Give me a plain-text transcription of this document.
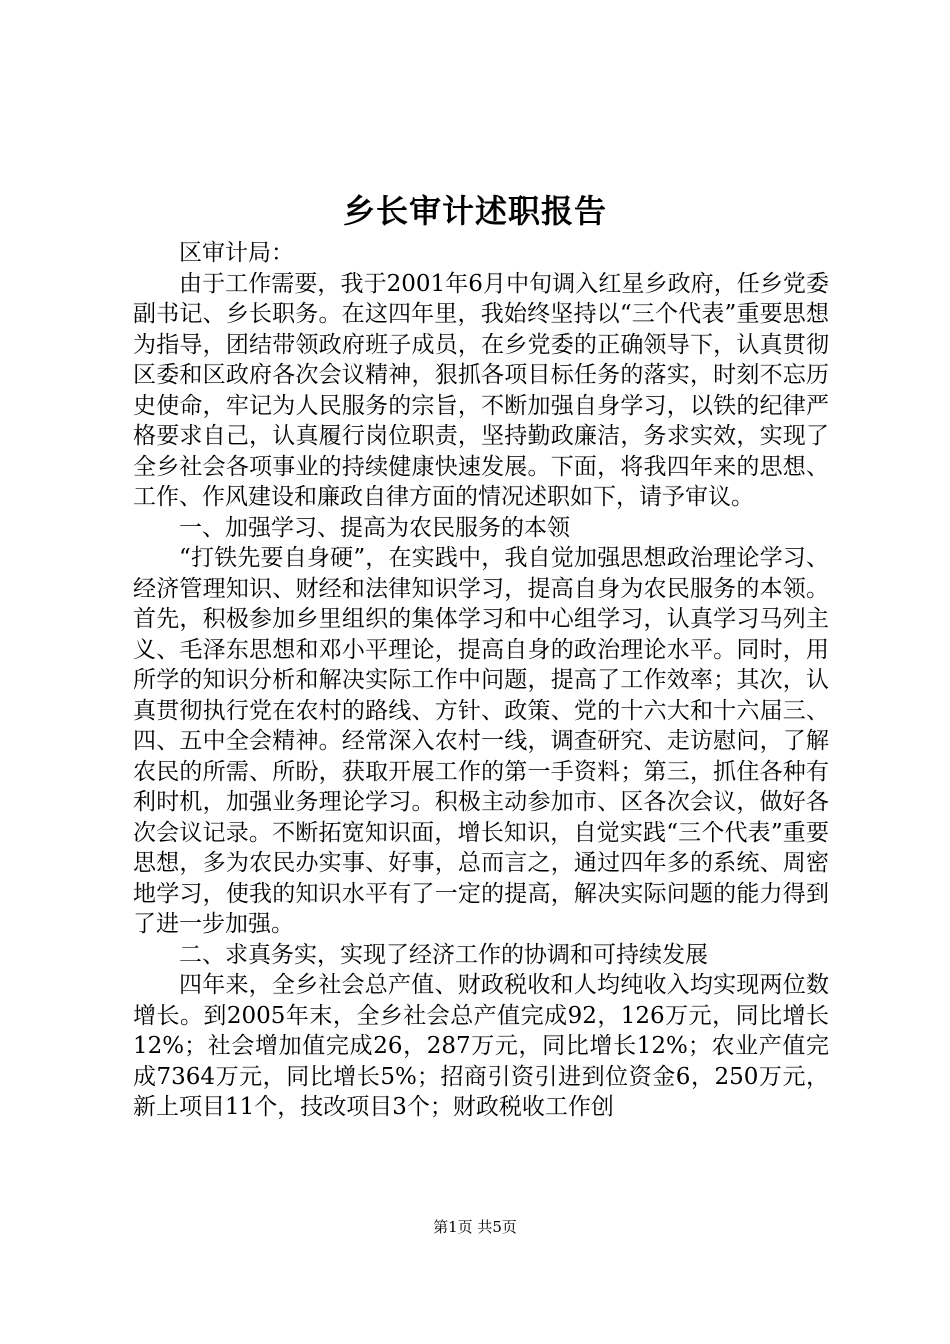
乡长审计述职报告

区审计局：

由于工作需要，我于2001年6月中旬调入红星乡政府，任乡党委副书记、乡长职务。在这四年里，我始终坚持以“三个代表”重要思想为指导，团结带领政府班子成员，在乡党委的正确领导下，认真贯彻区委和区政府各次会议精神，狠抓各项目标任务的落实，时刻不忘历史使命，牢记为人民服务的宗旨，不断加强自身学习，以铁的纪律严格要求自己，认真履行岗位职责，坚持勤政廉洁，务求实效，实现了全乡社会各项事业的持续健康快速发展。下面，将我四年来的思想、工作、作风建设和廉政自律方面的情况述职如下，请予审议。

一、加强学习、提高为农民服务的本领

“打铁先要自身硬”，在实践中，我自觉加强思想政治理论学习、经济管理知识、财经和法律知识学习，提高自身为农民服务的本领。首先，积极参加乡里组织的集体学习和中心组学习，认真学习马列主义、毛泽东思想和邓小平理论，提高自身的政治理论水平。同时，用所学的知识分析和解决实际工作中问题，提高了工作效率；其次，认真贯彻执行党在农村的路线、方针、政策、党的十六大和十六届三、四、五中全会精神。经常深入农村一线，调查研究、走访慰问，了解农民的所需、所盼，获取开展工作的第一手资料；第三，抓住各种有利时机，加强业务理论学习。积极主动参加市、区各次会议，做好各次会议记录。不断拓宽知识面，增长知识，自觉实践“三个代表”重要思想，多为农民办实事、好事，总而言之，通过四年多的系统、周密地学习，使我的知识水平有了一定的提高，解决实际问题的能力得到了进一步加强。

二、求真务实，实现了经济工作的协调和可持续发展

四年来，全乡社会总产值、财政税收和人均纯收入均实现两位数增长。到2005年末，全乡社会总产值完成92，126万元，同比增长12%；社会增加值完成26，287万元，同比增长12%；农业产值完成7364万元，同比增长5%；招商引资引进到位资金6，250万元，新上项目11个，技改项目3个；财政税收工作创

第1页 共5页
